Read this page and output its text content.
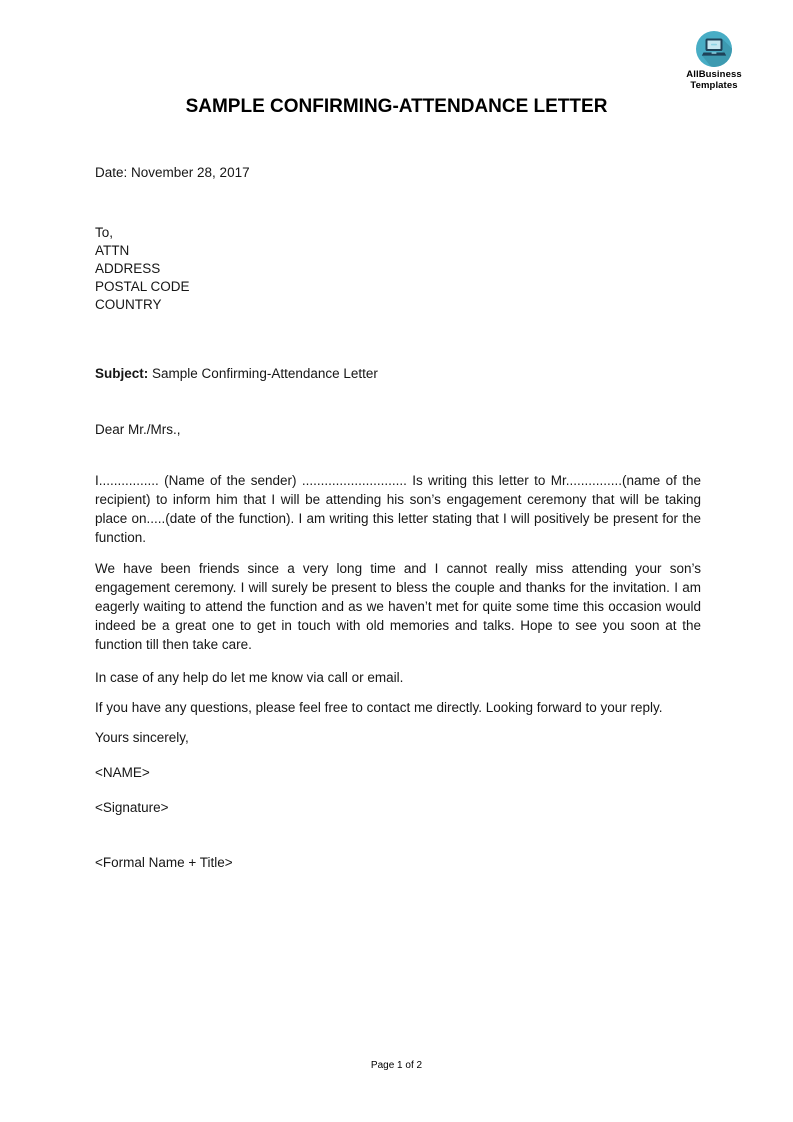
AllBusiness
Templates
SAMPLE CONFIRMING-ATTENDANCE LETTER
Date: November 28, 2017
To,
ATTN
ADDRESS
POSTAL CODE
COUNTRY
Subject: Sample Confirming-Attendance Letter
Dear Mr./Mrs.,

I................ (Name of the sender) ............................ Is writing this letter to Mr...............(name of the recipient) to inform him that I will be attending his son’s engagement ceremony that will be taking place on.....(date of the function). I am writing this letter stating that I will positively be present for the function.

We have been friends since a very long time and I cannot really miss attending your son’s engagement ceremony. I will surely be present to bless the couple and thanks for the invitation. I am eagerly waiting to attend the function and as we haven’t met for quite some time this occasion would indeed be a great one to get in touch with old memories and talks. Hope to see you soon at the function till then take care.

In case of any help do let me know via call or email.

If you have any questions, please feel free to contact me directly. Looking forward to your reply.

Yours sincerely,
<NAME>
<Signature>
<Formal Name + Title>
Page 1 of 2
